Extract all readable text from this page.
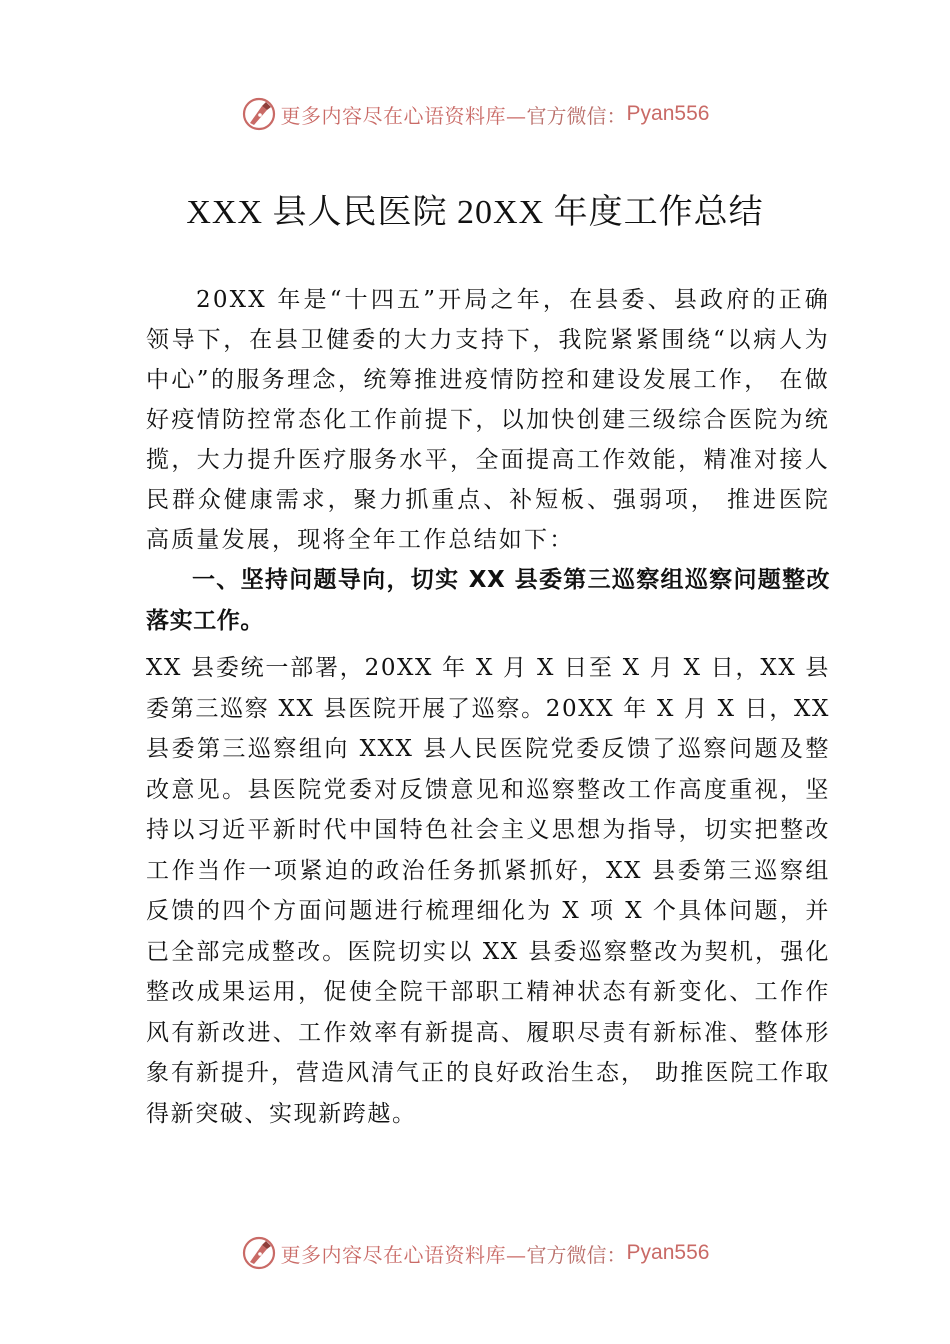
更多内容尽在心语资料库— 官方微信： Pyan556
XXX 县人民医院 20XX 年度工作总结

20XX 年是“十四五”开局之年，在县委、县政府的正确领导下，在县卫健委的大力支持下，我院紧紧围绕“以病人为中心”的服务理念，统筹推进疫情防控和建设发展工作， 在做好疫情防控常态化工作前提下，以加快创建三级综合医院为统揽，大力提升医疗服务水平，全面提高工作效能，精准对接人民群众健康需求，聚力抓重点、补短板、强弱项， 推进医院高质量发展，现将全年工作总结如下：

一、坚持问题导向，切实 XX 县委第三巡察组巡察问题整改落实工作。

XX 县委统一部署，20XX 年 X 月 X 日至 X 月 X 日，XX 县委第三巡察 XX 县医院开展了巡察。20XX 年 X 月 X 日，XX 县委第三巡察组向 XXX 县人民医院党委反馈了巡察问题及整改意见。县医院党委对反馈意见和巡察整改工作高度重视，坚持以习近平新时代中国特色社会主义思想为指导，切实把整改工作当作一项紧迫的政治任务抓紧抓好，XX 县委第三巡察组反馈的四个方面问题进行梳理细化为 X 项 X 个具体问题，并已全部完成整改。医院切实以 XX 县委巡察整改为契机，强化整改成果运用，促使全院干部职工精神状态有新变化、工作作风有新改进、工作效率有新提高、履职尽责有新标准、整体形象有新提升，营造风清气正的良好政治生态， 助推医院工作取得新突破、实现新跨越。

更多内容尽在心语资料库— 官方微信： Pyan556
